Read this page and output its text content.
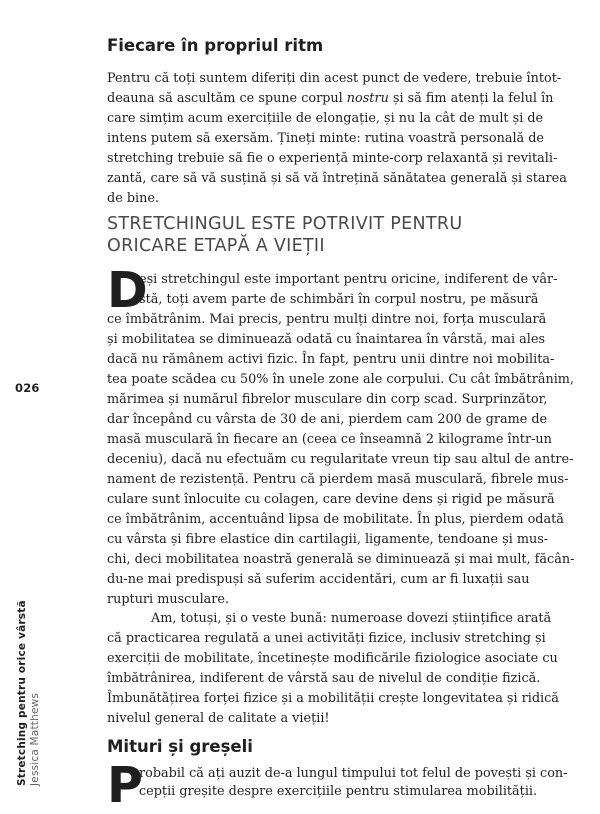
026
Stretching pentru orice vârstă Jessica Matthews
Fiecare în propriul ritm
Pentru că toți suntem diferiți din acest punct de vedere, trebuie întot-
deauna să ascultăm ce spune corpul nostru și să fim atenți la felul în
care simțim acum exercițiile de elongație, și nu la cât de mult și de
intens putem să exersăm. Țineți minte: rutina voastră personală de
stretching trebuie să fie o experiență minte-corp relaxantă și revitali-
zantă, care să vă susțină și să vă întrețină sănătatea generală și starea
de bine.
STRETCHINGUL ESTE POTRIVIT PENTRU
ORICARE ETAPĂ A VIEȚII
D
eși stretchingul este important pentru oricine, indiferent de vâr-
stă, toți avem parte de schimbări în corpul nostru, pe măsură
ce îmbătrânim. Mai precis, pentru mulți dintre noi, forța musculară
și mobilitatea se diminuează odată cu înaintarea în vârstă, mai ales
dacă nu rămânem activi fizic. În fapt, pentru unii dintre noi mobilita-
tea poate scădea cu 50% în unele zone ale corpului. Cu cât îmbătrânim,
mărimea și numărul fibrelor musculare din corp scad. Surprinzător,
dar începând cu vârsta de 30 de ani, pierdem cam 200 de grame de
masă musculară în fiecare an (ceea ce înseamnă 2 kilograme într-un
deceniu), dacă nu efectuăm cu regularitate vreun tip sau altul de antre-
nament de rezistență. Pentru că pierdem masă musculară, fibrele mus-
culare sunt înlocuite cu colagen, care devine dens și rigid pe măsură
ce îmbătrânim, accentuând lipsa de mobilitate. În plus, pierdem odată
cu vârsta și fibre elastice din cartilagii, ligamente, tendoane și mus-
chi, deci mobilitatea noastră generală se diminuează și mai mult, făcân-
du-ne mai predispuși să suferim accidentări, cum ar fi luxații sau
rupturi musculare.
Am, totuși, și o veste bună: numeroase dovezi științifice arată
că practicarea regulată a unei activități fizice, inclusiv stretching și
exerciții de mobilitate, încetinește modificările fiziologice asociate cu
îmbătrânirea, indiferent de vârstă sau de nivelul de condiție fizică.
Îmbunătățirea forței fizice și a mobilității crește longevitatea și ridică
nivelul general de calitate a vieții!
Mituri și greșeli
P
robabil că ați auzit de-a lungul timpului tot felul de povești și con-
cepții greșite despre exercițiile pentru stimularea mobilității.
